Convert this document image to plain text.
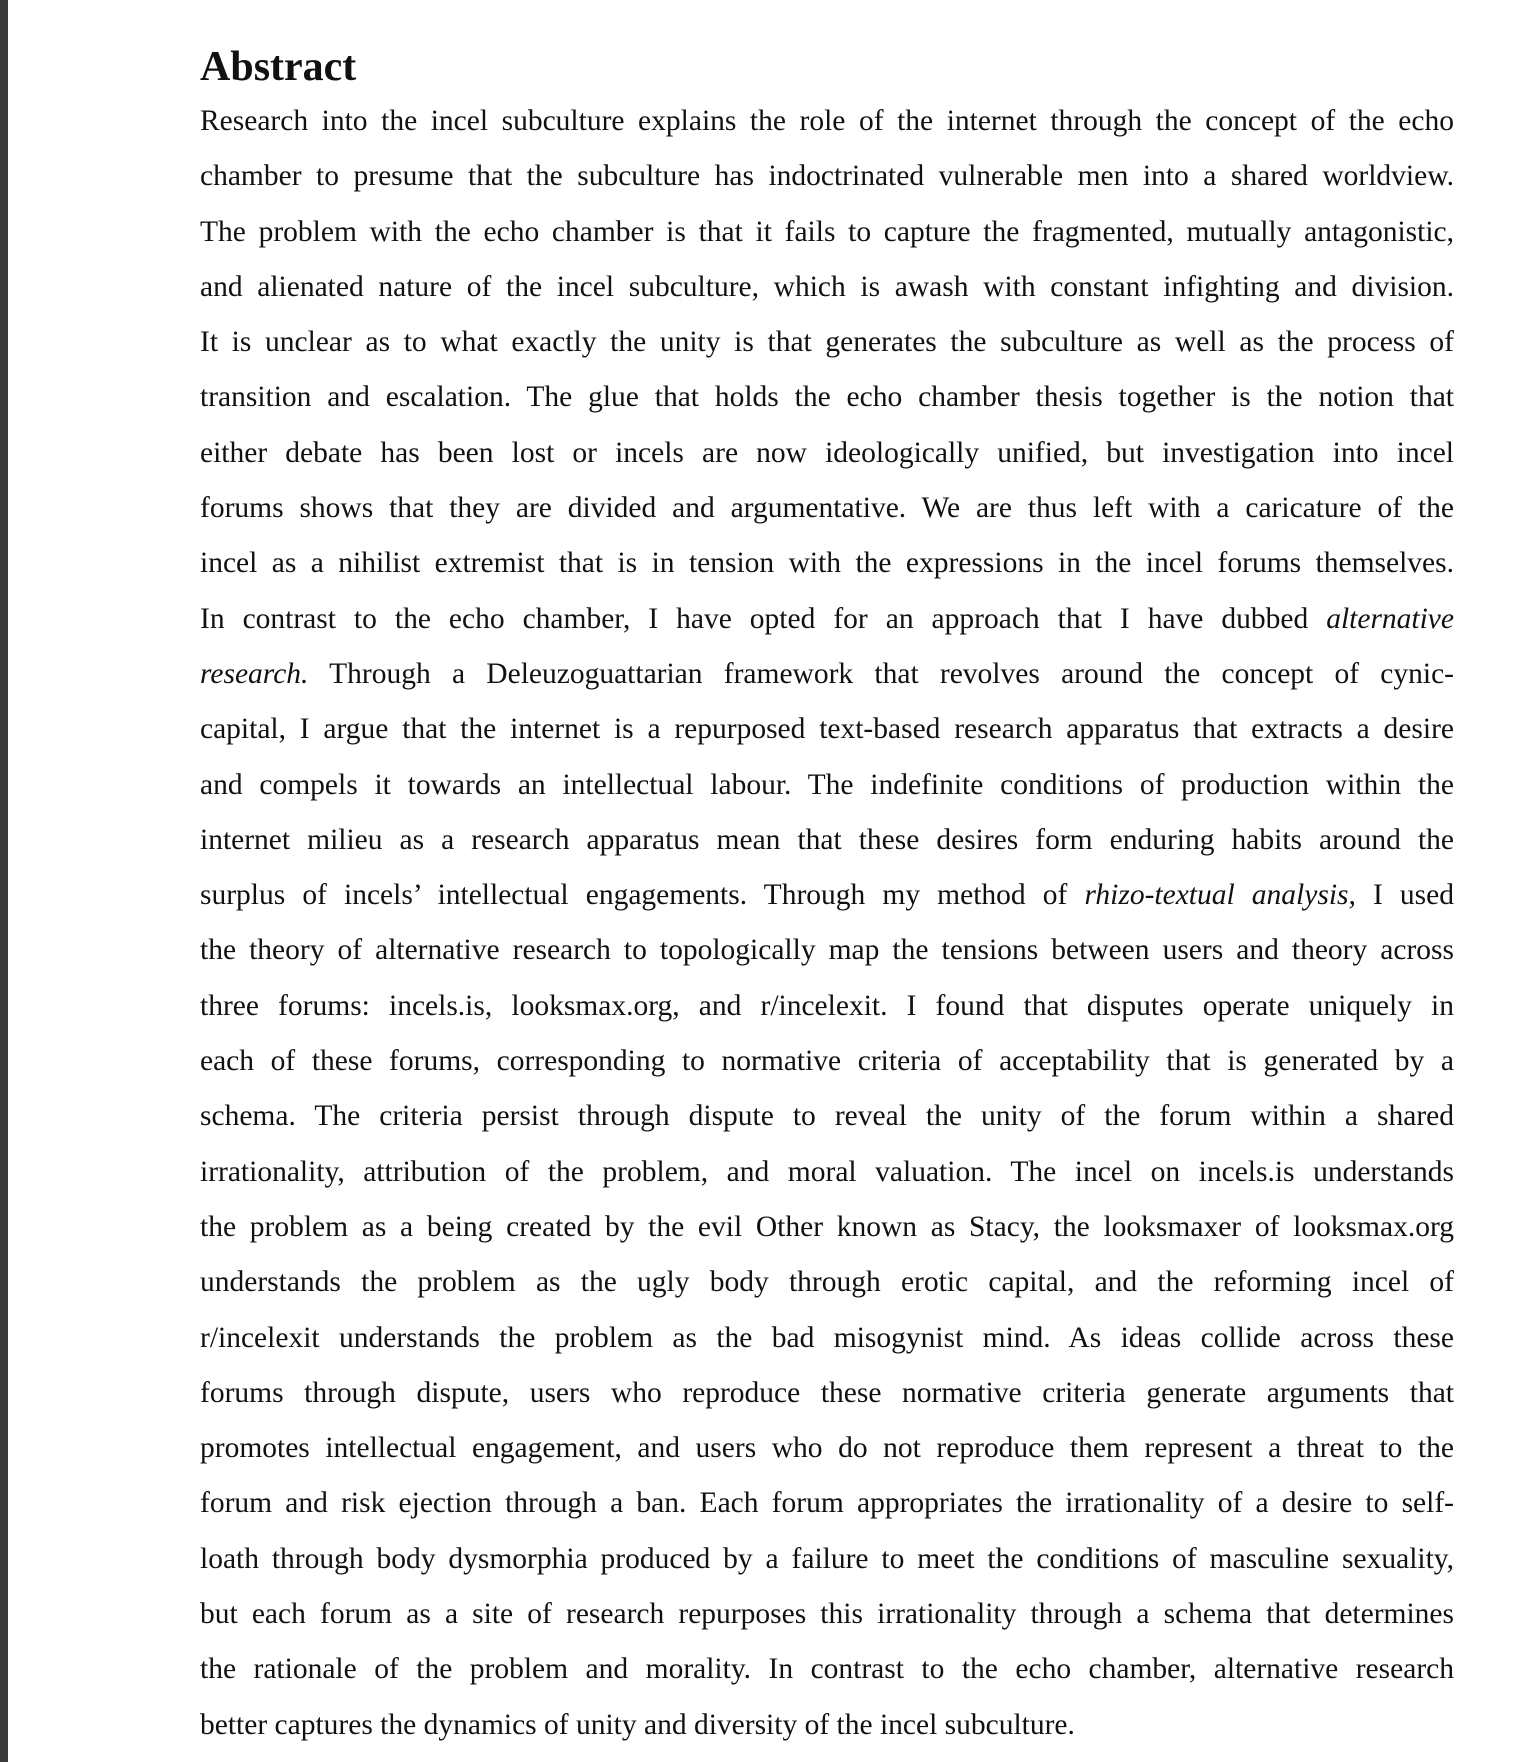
Abstract
Research into the incel subculture explains the role of the internet through the concept of the echo
chamber to presume that the subculture has indoctrinated vulnerable men into a shared worldview.
The problem with the echo chamber is that it fails to capture the fragmented, mutually antagonistic,
and alienated nature of the incel subculture, which is awash with constant infighting and division.
It is unclear as to what exactly the unity is that generates the subculture as well as the process of
transition and escalation. The glue that holds the echo chamber thesis together is the notion that
either debate has been lost or incels are now ideologically unified, but investigation into incel
forums shows that they are divided and argumentative. We are thus left with a caricature of the
incel as a nihilist extremist that is in tension with the expressions in the incel forums themselves.
In contrast to the echo chamber, I have opted for an approach that I have dubbed alternative
research. Through a Deleuzoguattarian framework that revolves around the concept of cynic-
capital, I argue that the internet is a repurposed text-based research apparatus that extracts a desire
and compels it towards an intellectual labour. The indefinite conditions of production within the
internet milieu as a research apparatus mean that these desires form enduring habits around the
surplus of incels’ intellectual engagements. Through my method of rhizo-textual analysis, I used
the theory of alternative research to topologically map the tensions between users and theory across
three forums: incels.is, looksmax.org, and r/incelexit. I found that disputes operate uniquely in
each of these forums, corresponding to normative criteria of acceptability that is generated by a
schema. The criteria persist through dispute to reveal the unity of the forum within a shared
irrationality, attribution of the problem, and moral valuation. The incel on incels.is understands
the problem as a being created by the evil Other known as Stacy, the looksmaxer of looksmax.org
understands the problem as the ugly body through erotic capital, and the reforming incel of
r/incelexit understands the problem as the bad misogynist mind. As ideas collide across these
forums through dispute, users who reproduce these normative criteria generate arguments that
promotes intellectual engagement, and users who do not reproduce them represent a threat to the
forum and risk ejection through a ban. Each forum appropriates the irrationality of a desire to self-
loath through body dysmorphia produced by a failure to meet the conditions of masculine sexuality,
but each forum as a site of research repurposes this irrationality through a schema that determines
the rationale of the problem and morality. In contrast to the echo chamber, alternative research
better captures the dynamics of unity and diversity of the incel subculture.
